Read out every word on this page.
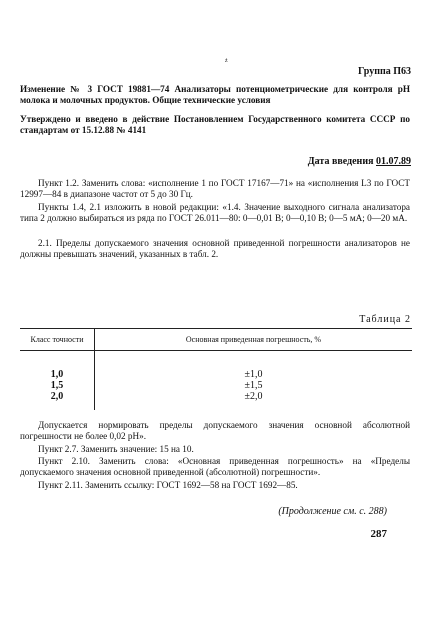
ż
Группа П63
Изменение № 3 ГОСТ 19881—74 Анализаторы потенциометрические для контроля pH молока и молочных продуктов. Общие технические условия
Утверждено и введено в действие Постановлением Государственного комитета СССР по стандартам от 15.12.88 № 4141
Дата введения 01.07.89
Пункт 1.2. Заменить слова: «исполнение 1 по ГОСТ 17167—71» на «исполнения L3 по ГОСТ 12997—84 в диапазоне частот от 5 до 30 Гц.
Пункты 1.4, 2.1 изложить в новой редакции: «1.4. Значение выходного сигнала анализатора типа 2 должно выбираться из ряда по ГОСТ 26.011—80: 0—0,01 В; 0—0,10 В; 0—5 мА; 0—20 мА.
2.1. Пределы допускаемого значения основной приведенной погрешности анализаторов не должны превышать значений, указанных в табл. 2.
Таблица 2
Класс точности	Основная приведенная погрешность, %
1,0	±1,0
1,5	±1,5
2,0	±2,0
Допускается нормировать пределы допускаемого значения основной абсолютной погрешности не более 0,02 pH».
Пункт 2.7. Заменить значение: 15 на 10.
Пункт 2.10. Заменить слова: «Основная приведенная погрешность» на «Пределы допускаемого значения основной приведенной (абсолютной) погрешности».
Пункт 2.11. Заменить ссылку: ГОСТ 1692—58 на ГОСТ 1692—85.
(Продолжение см. с. 288)
287
